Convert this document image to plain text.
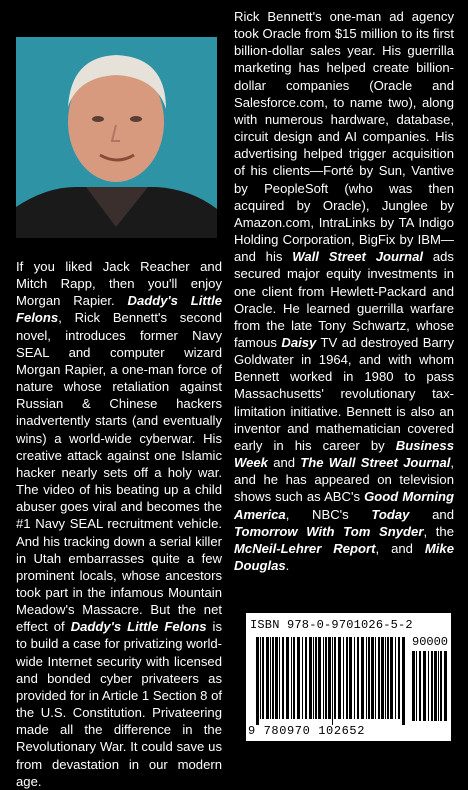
If you liked Jack Reacher and Mitch Rapp, then you'll enjoy Morgan Rapier. Daddy's Little Felons, Rick Bennett's second novel, introduces former Navy SEAL and computer wizard Morgan Rapier, a one-man force of nature whose retaliation against Russian & Chinese hackers inadvertently starts (and eventually wins) a world-wide cyberwar. His creative attack against one Islamic hacker nearly sets off a holy war. The video of his beating up a child abuser goes viral and becomes the #1 Navy SEAL recruitment vehicle. And his tracking down a serial killer in Utah embarrasses quite a few prominent locals, whose ancestors took part in the infamous Mountain Meadow's Massacre. But the net effect of Daddy's Little Felons is to build a case for privatizing world-wide Internet security with licensed and bonded cyber privateers as provided for in Article 1 Section 8 of the U.S. Constitution. Privateering made all the difference in the Revolutionary War. It could save us from devastation in our modern age.

Rick Bennett's one-man ad agency took Oracle from $15 million to its first billion-dollar sales year. His guerrilla marketing has helped create billion-dollar companies (Oracle and Salesforce.com, to name two), along with numerous hardware, database, circuit design and AI companies. His advertising helped trigger acquisition of his clients—Forté by Sun, Vantive by PeopleSoft (who was then acquired by Oracle), Junglee by Amazon.com, IntraLinks by TA Indigo Holding Corporation, BigFix by IBM—and his Wall Street Journal ads secured major equity investments in one client from Hewlett-Packard and Oracle. He learned guerrilla warfare from the late Tony Schwartz, whose famous Daisy TV ad destroyed Barry Goldwater in 1964, and with whom Bennett worked in 1980 to pass Massachusetts' revolutionary tax-limitation initiative. Bennett is also an inventor and mathematician covered early in his career by Business Week and The Wall Street Journal, and he has appeared on television shows such as ABC's Good Morning America, NBC's Today and Tomorrow With Tom Snyder, the McNeil-Lehrer Report, and Mike Douglas.

ISBN 978-0-9701026-5-2
90000
9 780970 102652
